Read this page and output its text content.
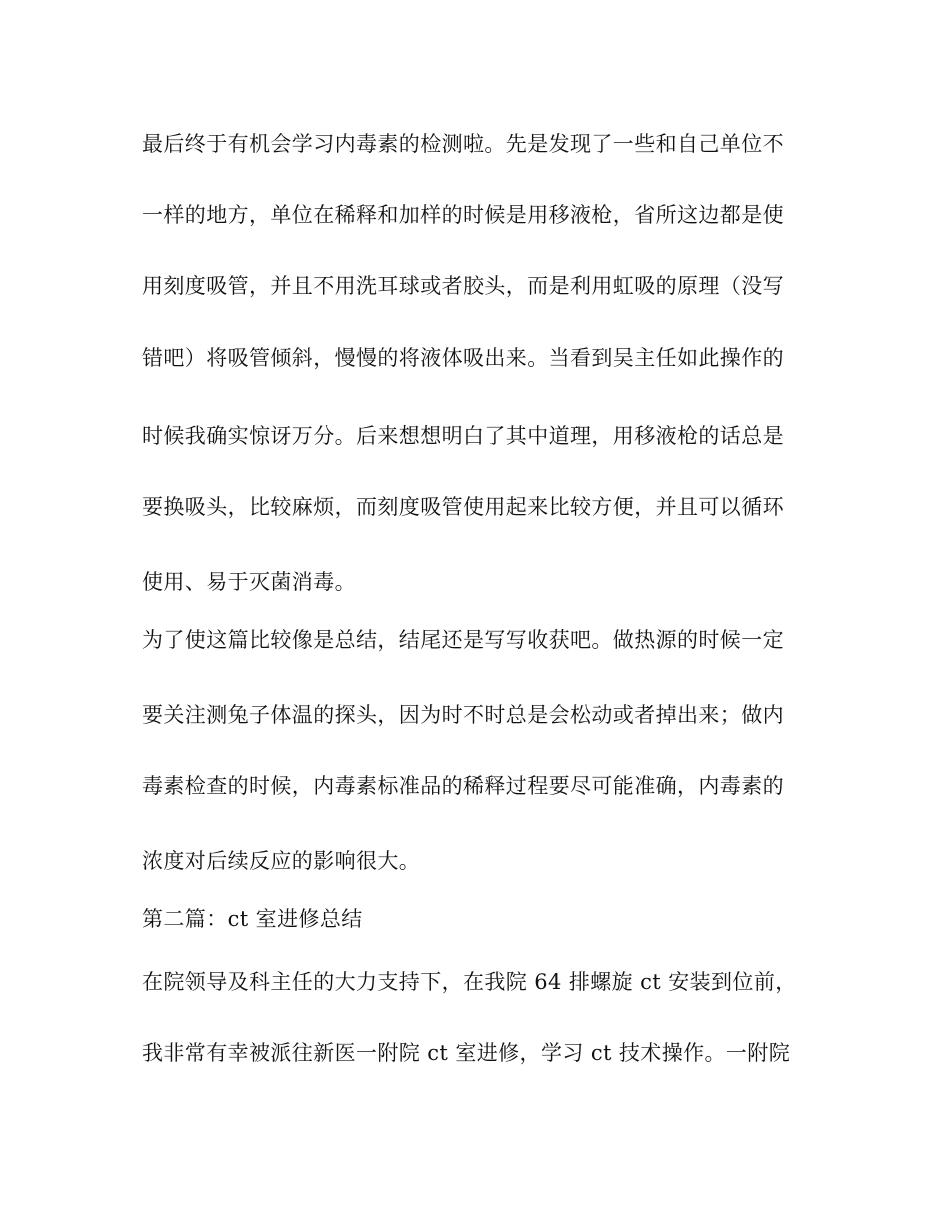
最后终于有机会学习内毒素的检测啦。先是发现了一些和自己单位不
一样的地方，单位在稀释和加样的时候是用移液枪，省所这边都是使
用刻度吸管，并且不用洗耳球或者胶头，而是利用虹吸的原理（没写
错吧）将吸管倾斜，慢慢的将液体吸出来。当看到吴主任如此操作的
时候我确实惊讶万分。后来想想明白了其中道理，用移液枪的话总是
要换吸头，比较麻烦，而刻度吸管使用起来比较方便，并且可以循环
使用、易于灭菌消毒。
为了使这篇比较像是总结，结尾还是写写收获吧。做热源的时候一定
要关注测兔子体温的探头，因为时不时总是会松动或者掉出来；做内
毒素检查的时候，内毒素标准品的稀释过程要尽可能准确，内毒素的
浓度对后续反应的影响很大。
第二篇：ct 室进修总结
在院领导及科主任的大力支持下，在我院 64 排螺旋 ct 安装到位前，
我非常有幸被派往新医一附院 ct 室进修，学习 ct 技术操作。一附院
